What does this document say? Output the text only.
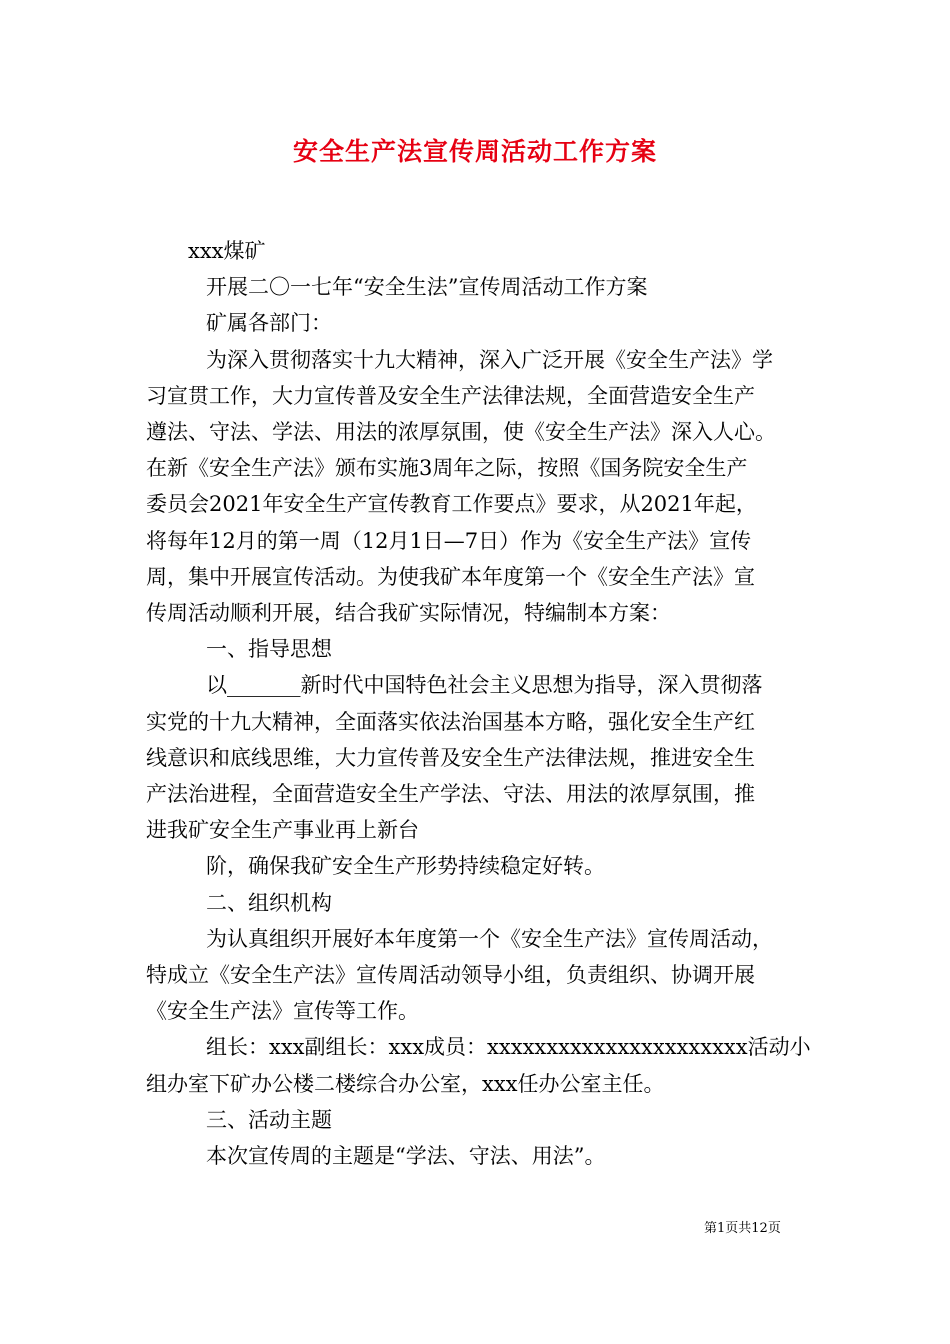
安全生产法宣传周活动工作方案

xxx煤矿

开展二〇一七年“安全生法”宣传周活动工作方案

矿属各部门：

为深入贯彻落实十九大精神，深入广泛开展《安全生产法》学

习宣贯工作，大力宣传普及安全生产法律法规，全面营造安全生产

遵法、守法、学法、用法的浓厚氛围，使《安全生产法》深入人心。

在新《安全生产法》颁布实施3周年之际，按照《国务院安全生产

委员会2021年安全生产宣传教育工作要点》要求，从2021年起，

将每年12月的第一周（12月1日—7日）作为《安全生产法》宣传

周，集中开展宣传活动。为使我矿本年度第一个《安全生产法》宣

传周活动顺利开展，结合我矿实际情况，特编制本方案：

一、指导思想

以_______新时代中国特色社会主义思想为指导，深入贯彻落

实党的十九大精神，全面落实依法治国基本方略，强化安全生产红

线意识和底线思维，大力宣传普及安全生产法律法规，推进安全生

产法治进程，全面营造安全生产学法、守法、用法的浓厚氛围，推

进我矿安全生产事业再上新台

阶，确保我矿安全生产形势持续稳定好转。

二、组织机构

为认真组织开展好本年度第一个《安全生产法》宣传周活动，

特成立《安全生产法》宣传周活动领导小组，负责组织、协调开展

《安全生产法》宣传等工作。

组长：xxx副组长：xxx成员：xxxxxxxxxxxxxxxxxxxxxx活动小

组办室下矿办公楼二楼综合办公室，xxx任办公室主任。

三、活动主题

本次宣传周的主题是“学法、守法、用法”。

第1页共12页
